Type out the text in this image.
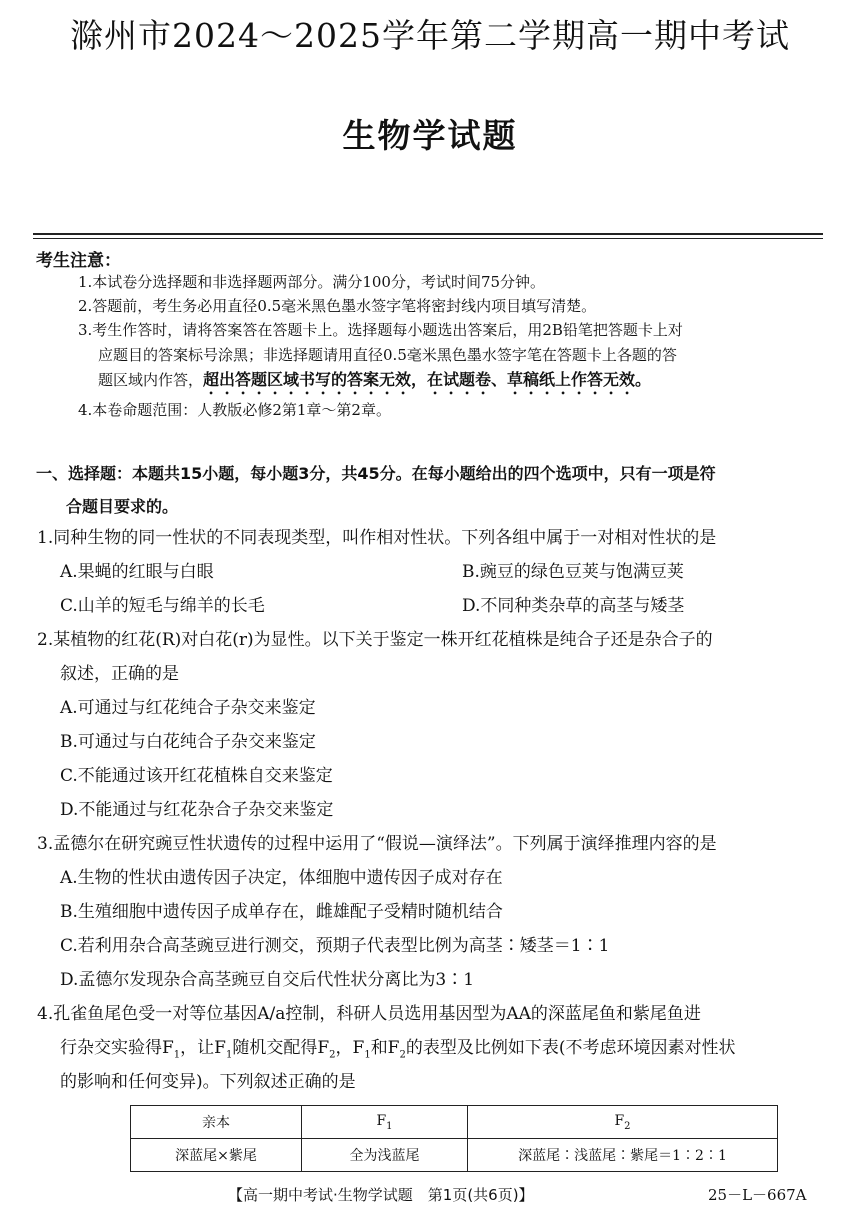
滁州市2024～2025学年第二学期高一期中考试
生物学试题
考生注意：
1.本试卷分选择题和非选择题两部分。满分100分，考试时间75分钟。
2.答题前，考生务必用直径0.5毫米黑色墨水签字笔将密封线内项目填写清楚。
3.考生作答时，请将答案答在答题卡上。选择题每小题选出答案后，用2B铅笔把答题卡上对
应题目的答案标号涂黑；非选择题请用直径0.5毫米黑色墨水签字笔在答题卡上各题的答
题区域内作答，超出答题区域书写的答案无效，在试题卷、草稿纸上作答无效。
4.本卷命题范围：人教版必修2第1章～第2章。
一、选择题：本题共15小题，每小题3分，共45分。在每小题给出的四个选项中，只有一项是符
合题目要求的。
1.同种生物的同一性状的不同表现类型，叫作相对性状。下列各组中属于一对相对性状的是
A.果蝇的红眼与白眼	B.豌豆的绿色豆荚与饱满豆荚
C.山羊的短毛与绵羊的长毛	D.不同种类杂草的高茎与矮茎
2.某植物的红花(R)对白花(r)为显性。以下关于鉴定一株开红花植株是纯合子还是杂合子的
叙述，正确的是
A.可通过与红花纯合子杂交来鉴定
B.可通过与白花纯合子杂交来鉴定
C.不能通过该开红花植株自交来鉴定
D.不能通过与红花杂合子杂交来鉴定
3.孟德尔在研究豌豆性状遗传的过程中运用了“假说—演绎法”。下列属于演绎推理内容的是
A.生物的性状由遗传因子决定，体细胞中遗传因子成对存在
B.生殖细胞中遗传因子成单存在，雌雄配子受精时随机结合
C.若利用杂合高茎豌豆进行测交，预期子代表型比例为高茎∶矮茎＝1∶1
D.孟德尔发现杂合高茎豌豆自交后代性状分离比为3∶1
4.孔雀鱼尾色受一对等位基因A/a控制，科研人员选用基因型为AA的深蓝尾鱼和紫尾鱼进
行杂交实验得$F_1$，让$F_1$随机交配得$F_2$，$F_1$和$F_2$的表型及比例如下表(不考虑环境因素对性状
的影响和任何变异)。下列叙述正确的是
亲本	$F_1$	$F_2$
深蓝尾×紫尾	全为浅蓝尾	深蓝尾∶浅蓝尾∶紫尾＝1∶2∶1
【高一期中考试·生物学试题　第1页(共6页)】	25－L－667A
